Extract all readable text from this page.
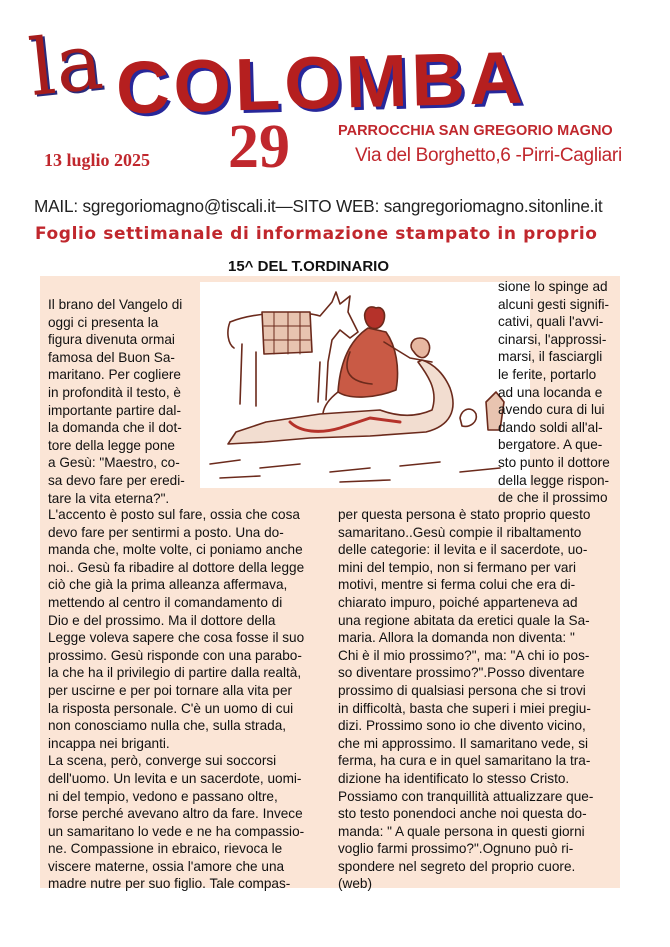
la COLOMBA
13 luglio 2025 29	PARROCCHIA SAN GREGORIO MAGNO
Via del Borghetto,6 -Pirri-Cagliari
MAIL: sgregoriomagno@tiscali.it—SITO WEB: sangregoriomagno.sitonline.it
Foglio settimanale di informazione stampato in proprio
15^ DEL T.ORDINARIO

Il brano del Vangelo di
oggi ci presenta la
figura divenuta ormai
famosa del Buon Sa-
maritano. Per cogliere
in profondità il testo, è
importante partire dal-
la domanda che il dot-
tore della legge pone
a Gesù: "Maestro, co-
sa devo fare per eredi-
tare la vita eterna?".

sione lo spinge ad
alcuni gesti signifi-
cativi, quali l'avvi-
cinarsi, l'approssi-
marsi, il fasciargli
le ferite, portarlo
ad una locanda e
avendo cura di lui
dando soldi all'al-
bergatore. A que-
sto punto il dottore
della legge rispon-
de che il prossimo

L'accento è posto sul fare, ossia che cosa
devo fare per sentirmi a posto. Una do-
manda che, molte volte, ci poniamo anche
noi.. Gesù fa ribadire al dottore della legge
ciò che già la prima alleanza affermava,
mettendo al centro il comandamento di
Dio e del prossimo. Ma il dottore della
Legge voleva sapere che cosa fosse il suo
prossimo. Gesù risponde con una parabo-
la che ha il privilegio di partire dalla realtà,
per uscirne e per poi tornare alla vita per
la risposta personale. C'è un uomo di cui
non conosciamo nulla che, sulla strada,
incappa nei briganti.

La scena, però, converge sui soccorsi
dell'uomo. Un levita e un sacerdote, uomi-
ni del tempio, vedono e passano oltre,
forse perché avevano altro da fare. Invece
un samaritano lo vede e ne ha compassio-
ne. Compassione in ebraico, rievoca le
viscere materne, ossia l'amore che una
madre nutre per suo figlio. Tale compas-

per questa persona è stato proprio questo
samaritano..Gesù compie il ribaltamento
delle categorie: il levita e il sacerdote, uo-
mini del tempio, non si fermano per vari
motivi, mentre si ferma colui che era di-
chiarato impuro, poiché apparteneva ad
una regione abitata da eretici quale la Sa-
maria. Allora la domanda non diventa: "
Chi è il mio prossimo?", ma: "A chi io pos-
so diventare prossimo?".Posso diventare
prossimo di qualsiasi persona che si trovi
in difficoltà, basta che superi i miei pregiu-
dizi. Prossimo sono io che divento vicino,
che mi approssimo. Il samaritano vede, si
ferma, ha cura e in quel samaritano la tra-
dizione ha identificato lo stesso Cristo.
Possiamo con tranquillità attualizzare que-
sto testo ponendoci anche noi questa do-
manda: " A quale persona in questi giorni
voglio farmi prossimo?".Ognuno può ri-
spondere nel segreto del proprio cuore.
(web)
